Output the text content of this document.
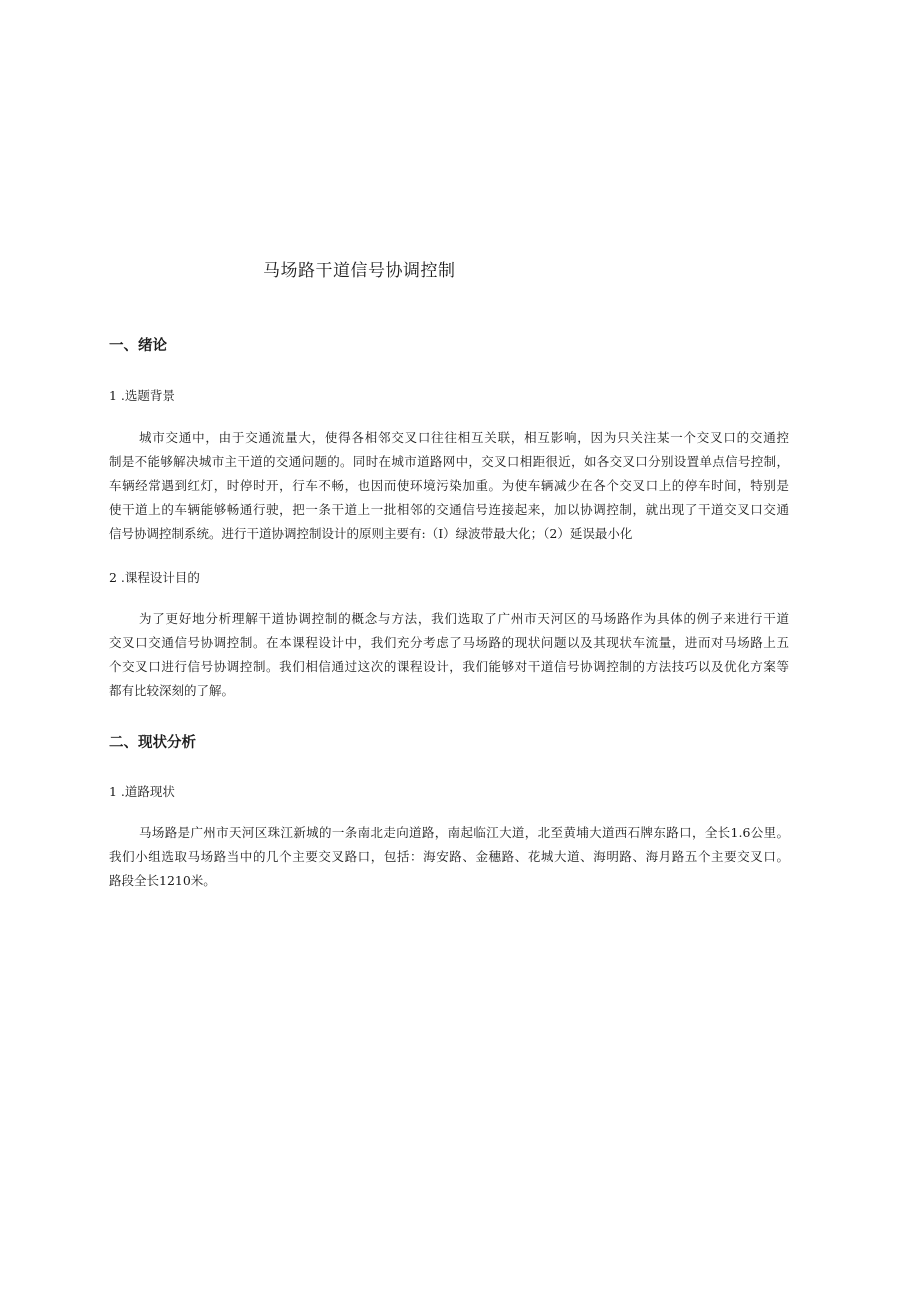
马场路干道信号协调控制
一、绪论
1 .选题背景
城市交通中，由于交通流量大，使得各相邻交叉口往往相互关联，相互影响，因为只关注某一个交叉口的交通控
制是不能够解决城市主干道的交通问题的。同时在城市道路网中，交叉口相距很近，如各交叉口分别设置单点信号控制，
车辆经常遇到红灯，时停时开，行车不畅，也因而使环境污染加重。为使车辆减少在各个交叉口上的停车时间，特别是
使干道上的车辆能够畅通行驶，把一条干道上一批相邻的交通信号连接起来，加以协调控制，就出现了干道交叉口交通
信号协调控制系统。进行干道协调控制设计的原则主要有:（I）绿波带最大化；（2）延误最小化
2 .课程设计目的
为了更好地分析理解干道协调控制的概念与方法，我们选取了广州市天河区的马场路作为具体的例子来进行干道
交叉口交通信号协调控制。在本课程设计中，我们充分考虑了马场路的现状问题以及其现状车流量，进而对马场路上五
个交叉口进行信号协调控制。我们相信通过这次的课程设计，我们能够对干道信号协调控制的方法技巧以及优化方案等
都有比较深刻的了解。
二、现状分析
1 .道路现状
马场路是广州市天河区珠江新城的一条南北走向道路，南起临江大道，北至黄埔大道西石牌东路口，全长1.6公里。
我们小组选取马场路当中的几个主要交叉路口，包括：海安路、金穗路、花城大道、海明路、海月路五个主要交叉口。
路段全长1210米。
